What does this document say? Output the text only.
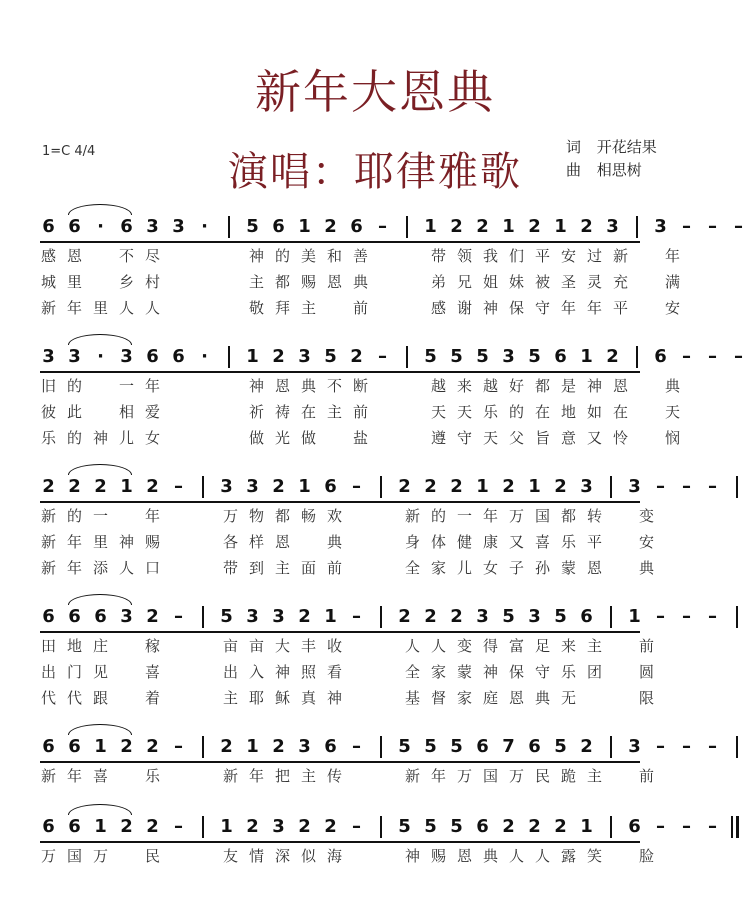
新年大恩典
演唱：耶律雅歌
1=C 4/4	词 开花结果
曲 相思树
6 6 · 6 3 3 · 5 6 1 2 6 – 1 2 2 1 2 1 2 3 3 – – –
感 恩 不 尽	神 的 美 和 善	带 领 我 们 平 安 过 新 年
城 里 乡 村	主 都 赐 恩 典	弟 兄 姐 妹 被 圣 灵 充 满
新 年 里 人 人	敬 拜 主 前	感 谢 神 保 守 年 年 平 安
3 3 · 3 6 6 · 1 2 3 5 2 – 5 5 5 3 5 6 1 2 6 – – –
旧 的 一 年	神 恩 典 不 断	越 来 越 好 都 是 神 恩 典
彼 此 相 爱	祈 祷 在 主 前	天 天 乐 的 在 地 如 在 天
乐 的 神 儿 女	做 光 做 盐	遵 守 天 父 旨 意 又 怜 悯
2 2 2 1 2 – 3 3 2 1 6 – 2 2 2 1 2 1 2 3 3 – – –
新 的 一 年	万 物 都 畅 欢	新 的 一 年 万 国 都 转 变
新 年 里 神 赐	各 样 恩 典	身 体 健 康 又 喜 乐 平 安
新 年 添 人 口	带 到 主 面 前	全 家 儿 女 子 孙 蒙 恩 典
6 6 6 3 2 – 5 3 3 2 1 – 2 2 2 3 5 3 5 6 1 – – –
田 地 庄 稼	亩 亩 大 丰 收	人 人 变 得 富 足 来 主 前
出 门 见 喜	出 入 神 照 看	全 家 蒙 神 保 守 乐 团 圆
代 代 跟 着	主 耶 稣 真 神	基 督 家 庭 恩 典 无	限
6 6 1 2 2 – 2 1 2 3 6 – 5 5 5 6 7 6 5 2 3 – – –
新 年 喜 乐	新 年 把 主 传	新 年 万 国 万 民 跪 主 前
6 6 1 2 2 – 1 2 3 2 2 – 5 5 5 6 2 2 2 1 6 – – –
万 国 万 民	友 情 深 似 海	神 赐 恩 典 人 人 露 笑 脸
